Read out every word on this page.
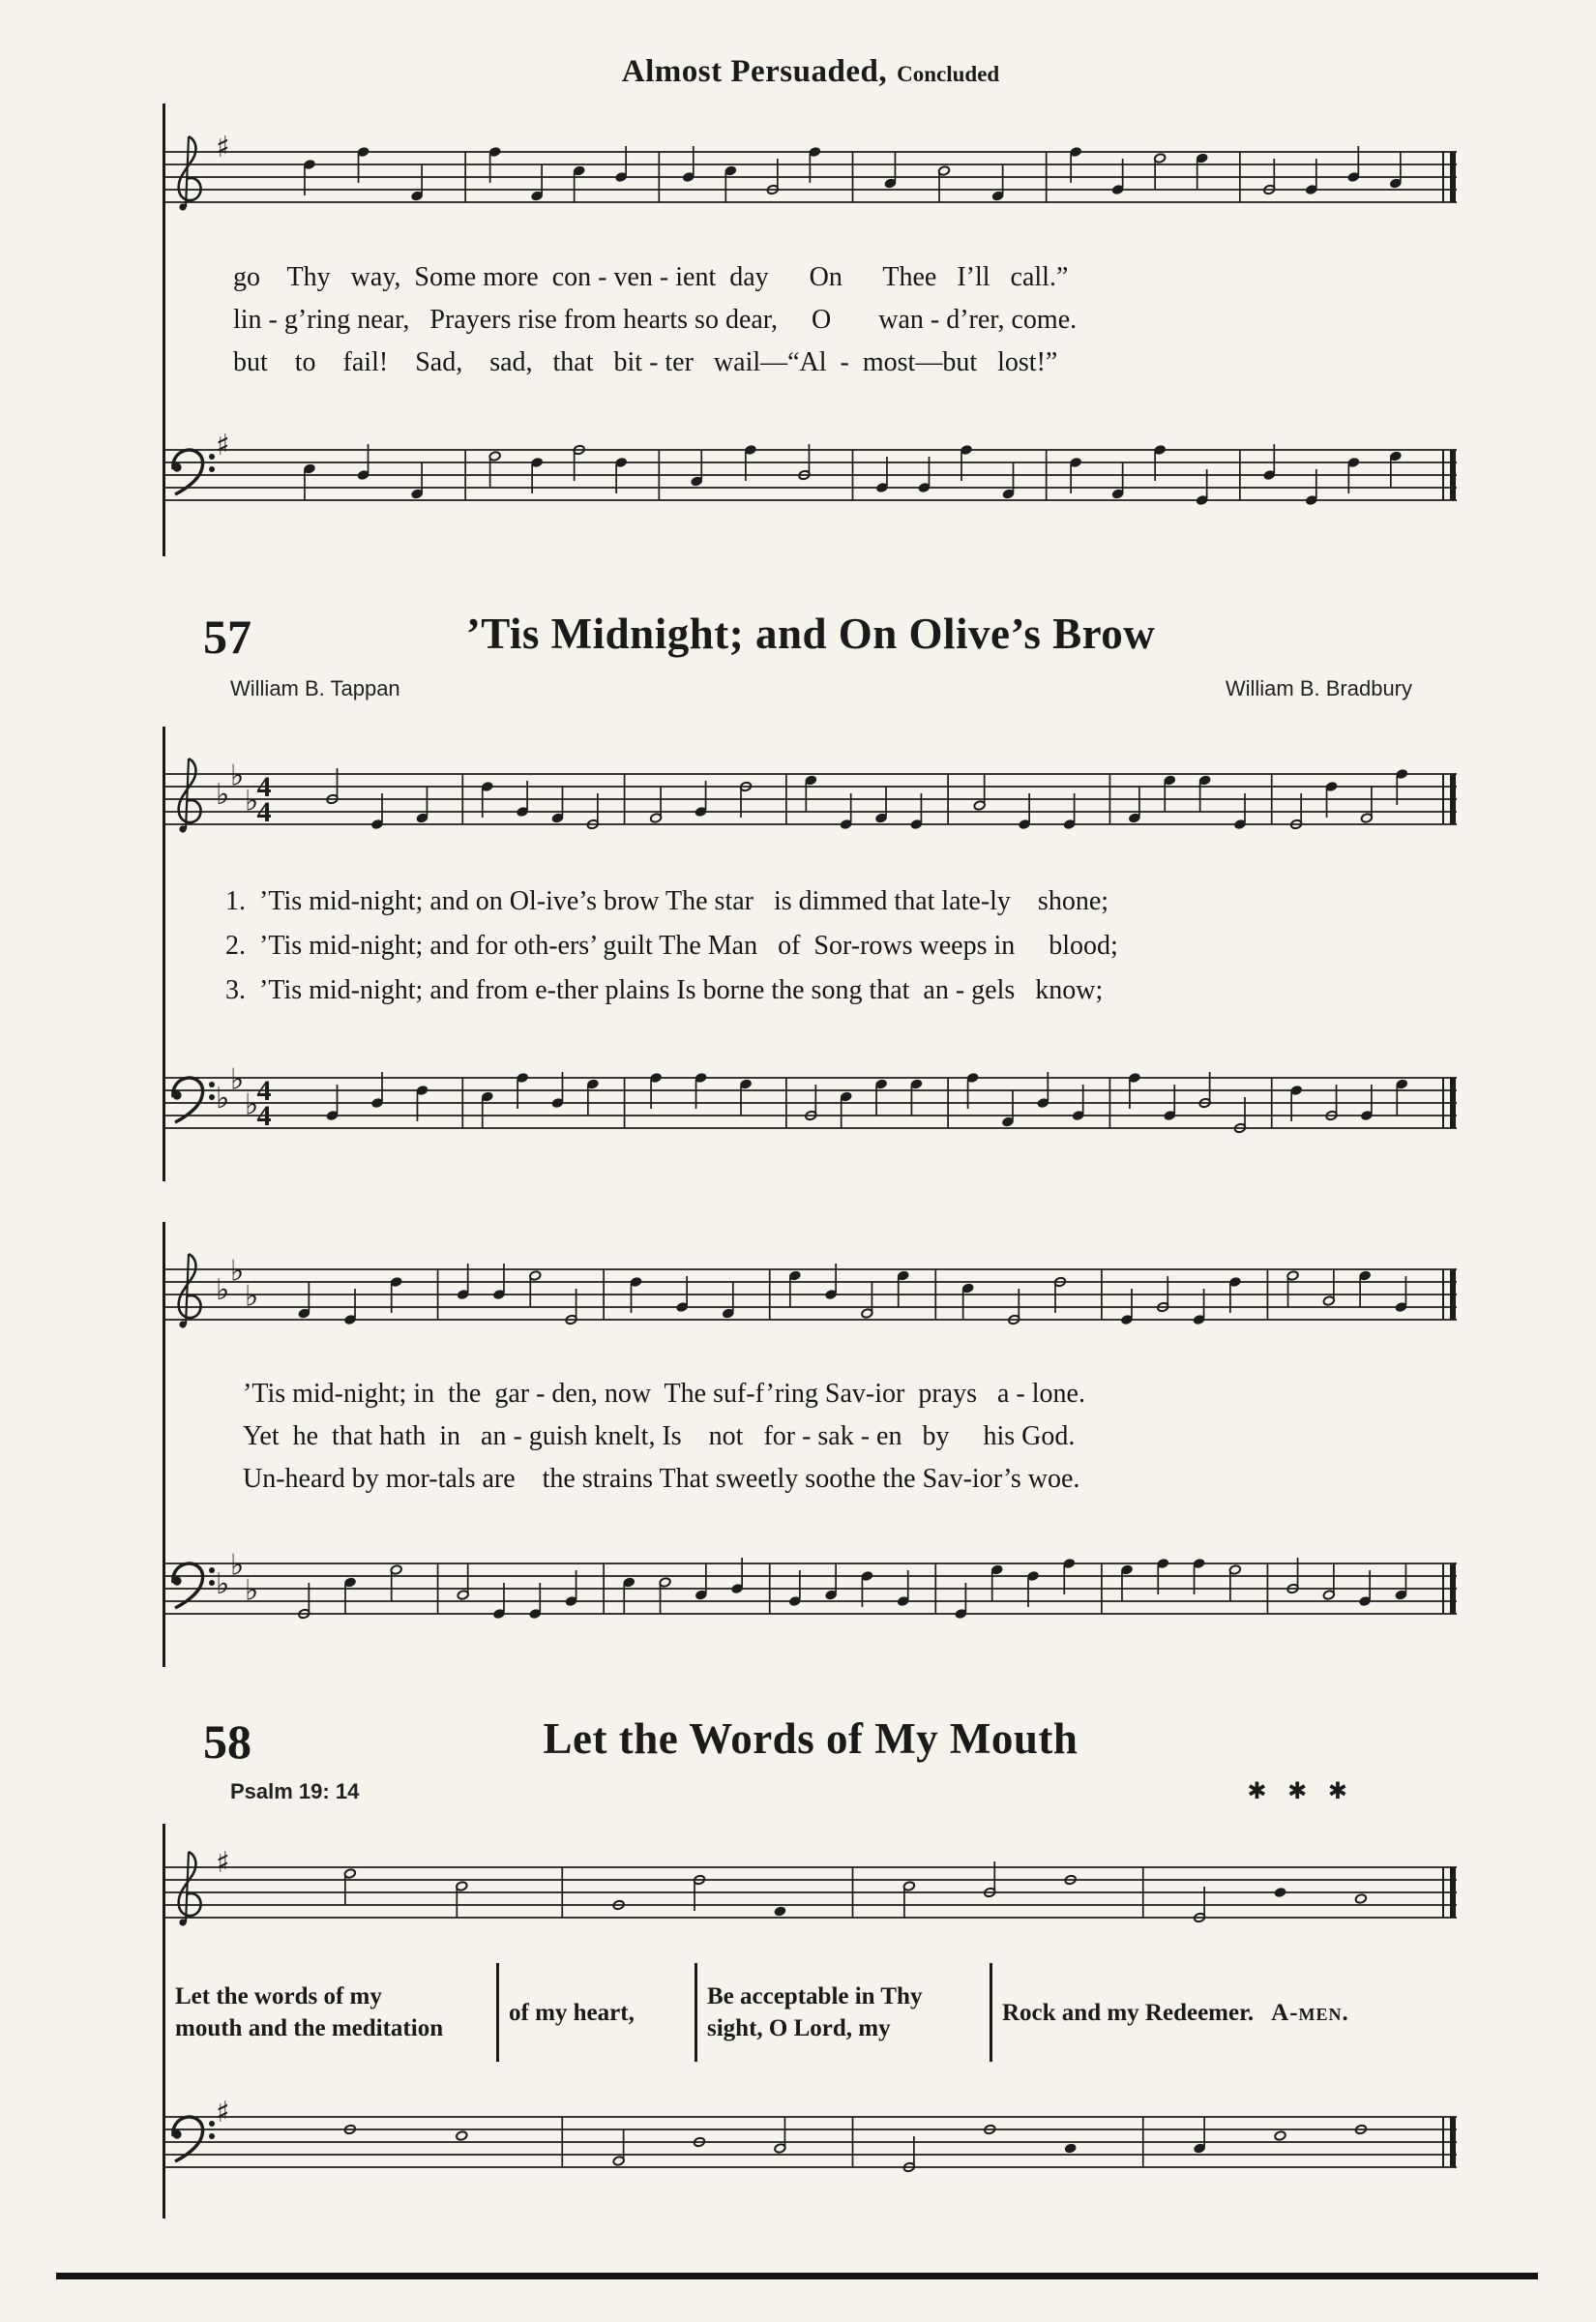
Almost Persuaded, Concluded
♯
go    Thy   way,  Some more  con - ven - ient  day      On      Thee   I’ll   call.”
lin - g’ring near,   Prayers rise from hearts so dear,     O       wan - d’rer, come.
but    to    fail!    Sad,    sad,   that   bit - ter   wail—“Al  -  most—but   lost!”
♯
57	’Tis Midnight; and On Olive’s Brow
William B. Tappan	William B. Bradbury
♭
♭
♭
4
4
1.  ’Tis mid-night; and on Ol-ive’s brow The star   is dimmed that late-ly    shone;
2.  ’Tis mid-night; and for oth-ers’ guilt The Man   of  Sor-rows weeps in     blood;
3.  ’Tis mid-night; and from e-ther plains Is borne the song that  an - gels   know;
♭
♭
♭
4
4
♭
♭
♭
’Tis mid-night; in  the  gar - den, now  The suf-f’ring Sav-ior  prays   a - lone.
Yet  he  that hath  in   an - guish knelt, Is    not   for - sak - en   by     his God.
Un-heard by mor-tals are    the strains That sweetly soothe the Sav-ior’s woe.
♭
♭
♭
58	Let the Words of My Mouth
Psalm 19: 14	✱ ✱ ✱
♯
Let the words of my
mouth and the meditation
of my heart,
Be acceptable in Thy
sight, O Lord, my
Rock and my Redeemer. A-men.
♯
